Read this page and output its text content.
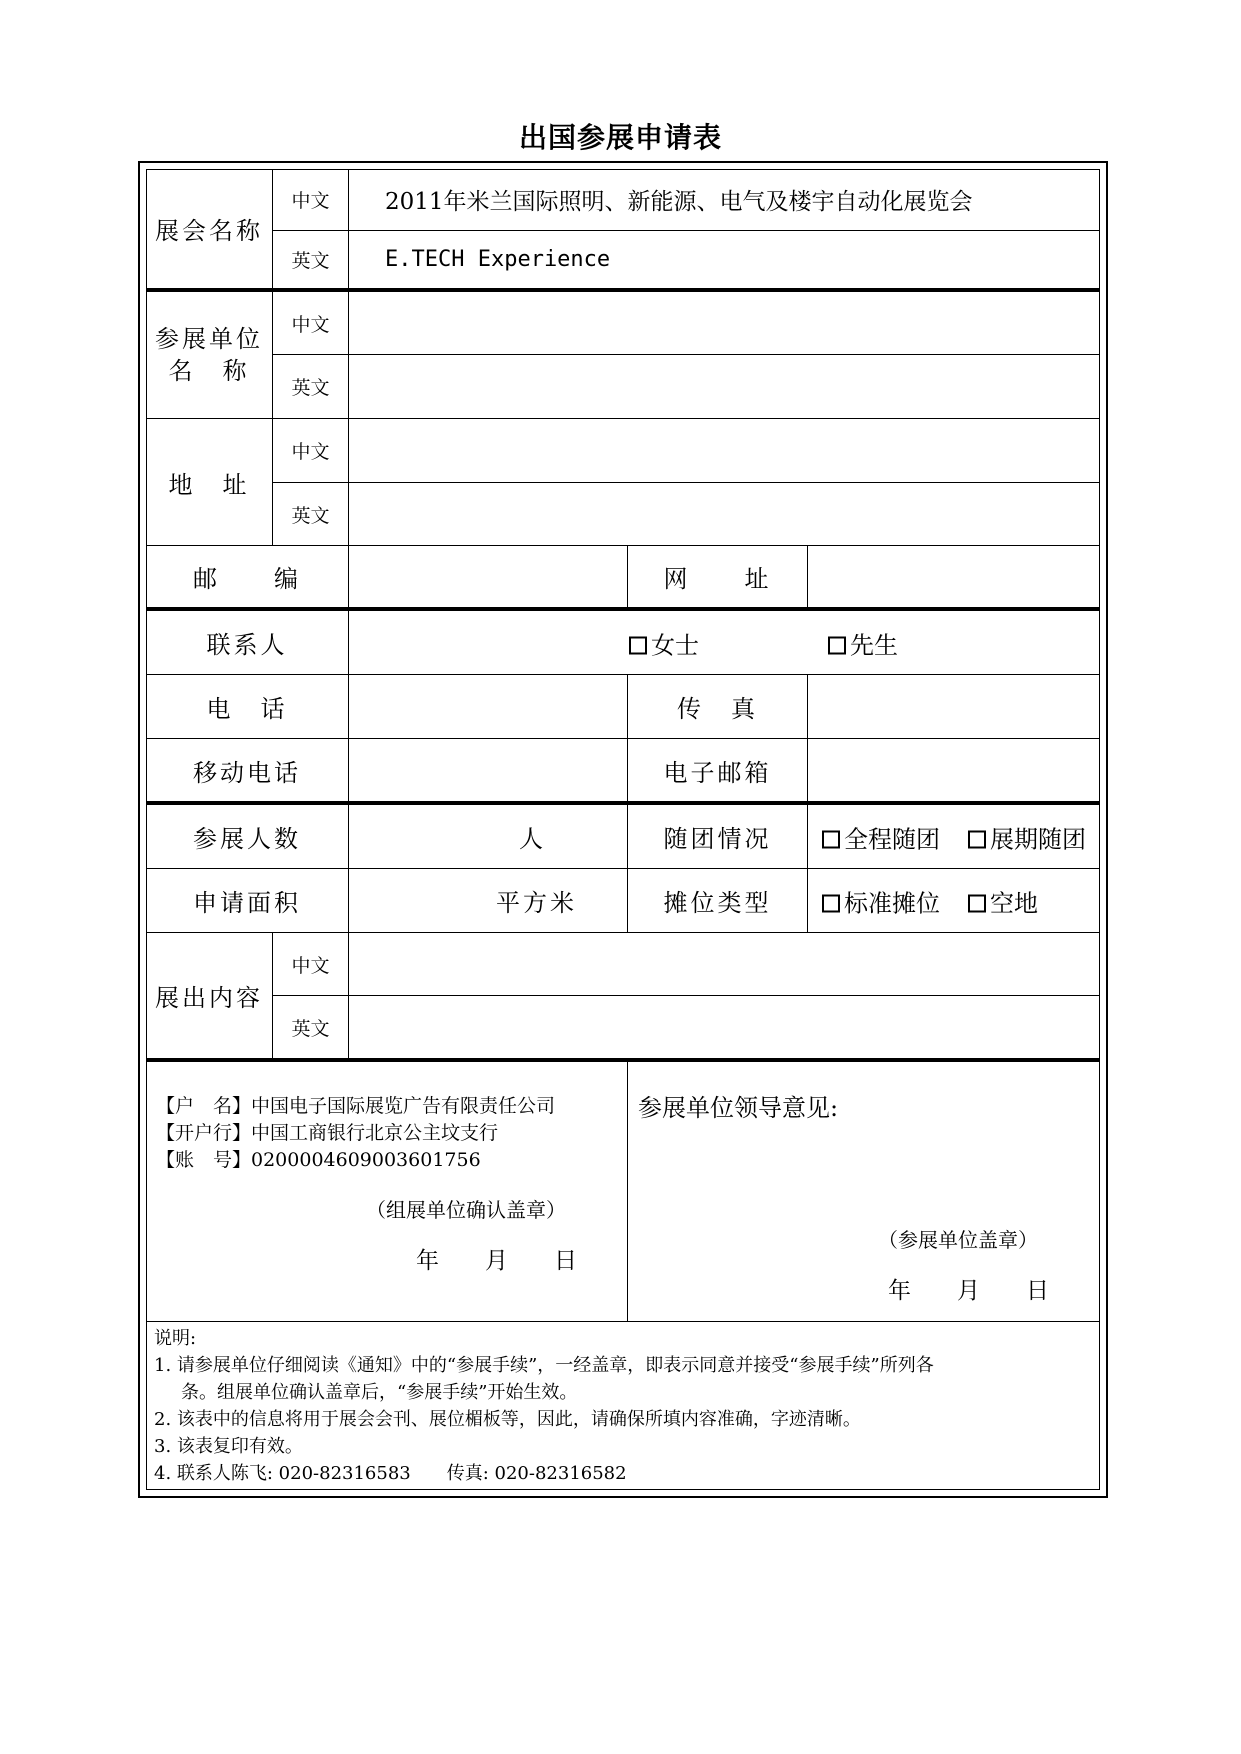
出国参展申请表
展会名称
中文	2011年米兰国际照明、新能源、电气及楼宇自动化展览会
英文	E.TECH Experience
参展单位
名　称
中文
英文
地　址
中文
英文
邮　　编	网　　址
联系人	女士	先生
电　话	传　真
移动电话	电子邮箱
参展人数	人	随团情况	全程随团	展期随团
申请面积	平方米	摊位类型	标准摊位	空地
展出内容
中文
英文
【户　名】中国电子国际展览广告有限责任公司
【开户行】中国工商银行北京公主坟支行
【账　号】0200004609003601756
（组展单位确认盖章）
年　　月　　日
参展单位领导意见:
（参展单位盖章）
年　　月　　日
说明:
1. 请参展单位仔细阅读《通知》中的“参展手续”，一经盖章，即表示同意并接受“参展手续”所列各
条。组展单位确认盖章后，“参展手续”开始生效。
2. 该表中的信息将用于展会会刊、展位楣板等，因此，请确保所填内容准确，字迹清晰。
3. 该表复印有效。
4. 联系人陈飞: 020-82316583　　传真: 020-82316582
